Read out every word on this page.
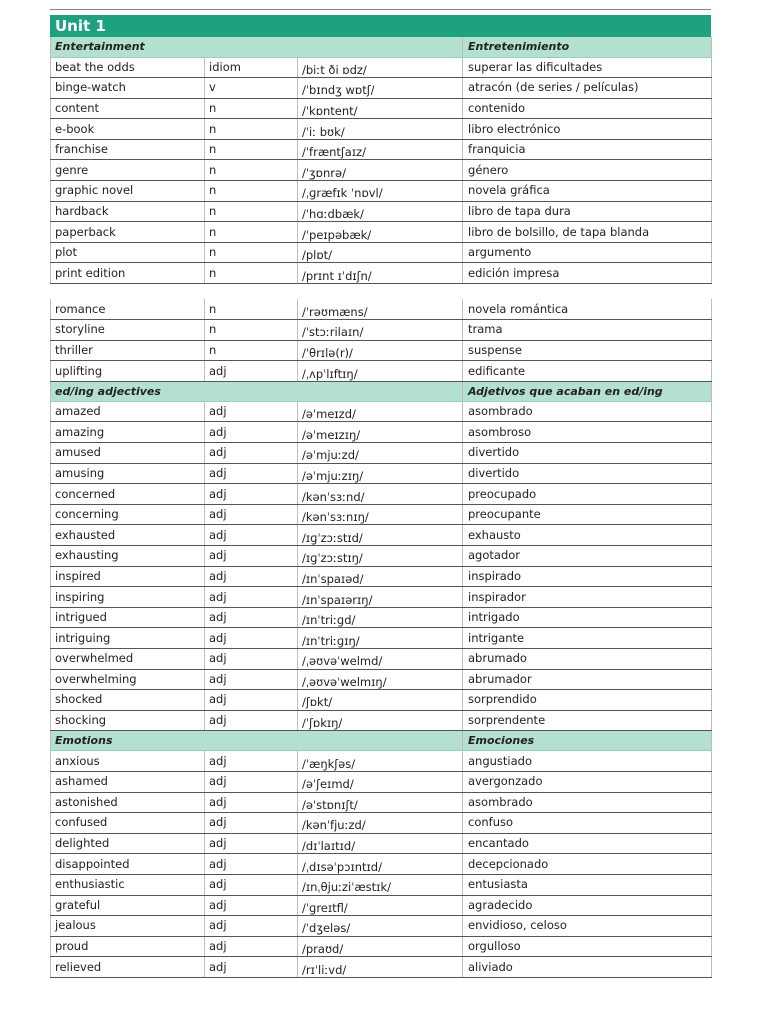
Unit 1
Entertainment			Entretenimiento
beat the odds	idiom	/biːt ði ɒdz/	superar las dificultades
binge-watch	v	/ˈbɪndʒ wɒtʃ/	atracón (de series / películas)
content	n	/ˈkɒntent/	contenido
e-book	n	/ˈiː bʊk/	libro electrónico
franchise	n	/ˈfræntʃaɪz/	franquicia
genre	n	/ˈʒɒnrə/	género
graphic novel	n	/ˌɡræfɪk ˈnɒvl/	novela gráfica
hardback	n	/ˈhɑːdbæk/	libro de tapa dura
paperback	n	/ˈpeɪpəbæk/	libro de bolsillo, de tapa blanda
plot	n	/plɒt/	argumento
print edition	n	/prɪnt ɪˈdɪʃn/	edición impresa
romance	n	/ˈrəʊmæns/	novela romántica
storyline	n	/ˈstɔːrilaɪn/	trama
thriller	n	/ˈθrɪlə(r)/	suspense
uplifting	adj	/ˌʌpˈlɪftɪŋ/	edificante
ed/ing adjectives			Adjetivos que acaban en ed/ing
amazed	adj	/əˈmeɪzd/	asombrado
amazing	adj	/əˈmeɪzɪŋ/	asombroso
amused	adj	/əˈmjuːzd/	divertido
amusing	adj	/əˈmjuːzɪŋ/	divertido
concerned	adj	/kənˈsɜːnd/	preocupado
concerning	adj	/kənˈsɜːnɪŋ/	preocupante
exhausted	adj	/ɪɡˈzɔːstɪd/	exhausto
exhausting	adj	/ɪɡˈzɔːstɪŋ/	agotador
inspired	adj	/ɪnˈspaɪəd/	inspirado
inspiring	adj	/ɪnˈspaɪərɪŋ/	inspirador
intrigued	adj	/ɪnˈtriːɡd/	intrigado
intriguing	adj	/ɪnˈtriːɡɪŋ/	intrigante
overwhelmed	adj	/ˌəʊvəˈwelmd/	abrumado
overwhelming	adj	/ˌəʊvəˈwelmɪŋ/	abrumador
shocked	adj	/ʃɒkt/	sorprendido
shocking	adj	/ˈʃɒkɪŋ/	sorprendente
Emotions			Emociones
anxious	adj	/ˈæŋkʃəs/	angustiado
ashamed	adj	/əˈʃeɪmd/	avergonzado
astonished	adj	/əˈstɒnɪʃt/	asombrado
confused	adj	/kənˈfjuːzd/	confuso
delighted	adj	/dɪˈlaɪtɪd/	encantado
disappointed	adj	/ˌdɪsəˈpɔɪntɪd/	decepcionado
enthusiastic	adj	/ɪnˌθjuːziˈæstɪk/	entusiasta
grateful	adj	/ˈɡreɪtfl/	agradecido
jealous	adj	/ˈdʒeləs/	envidioso, celoso
proud	adj	/praʊd/	orgulloso
relieved	adj	/rɪˈliːvd/	aliviado
